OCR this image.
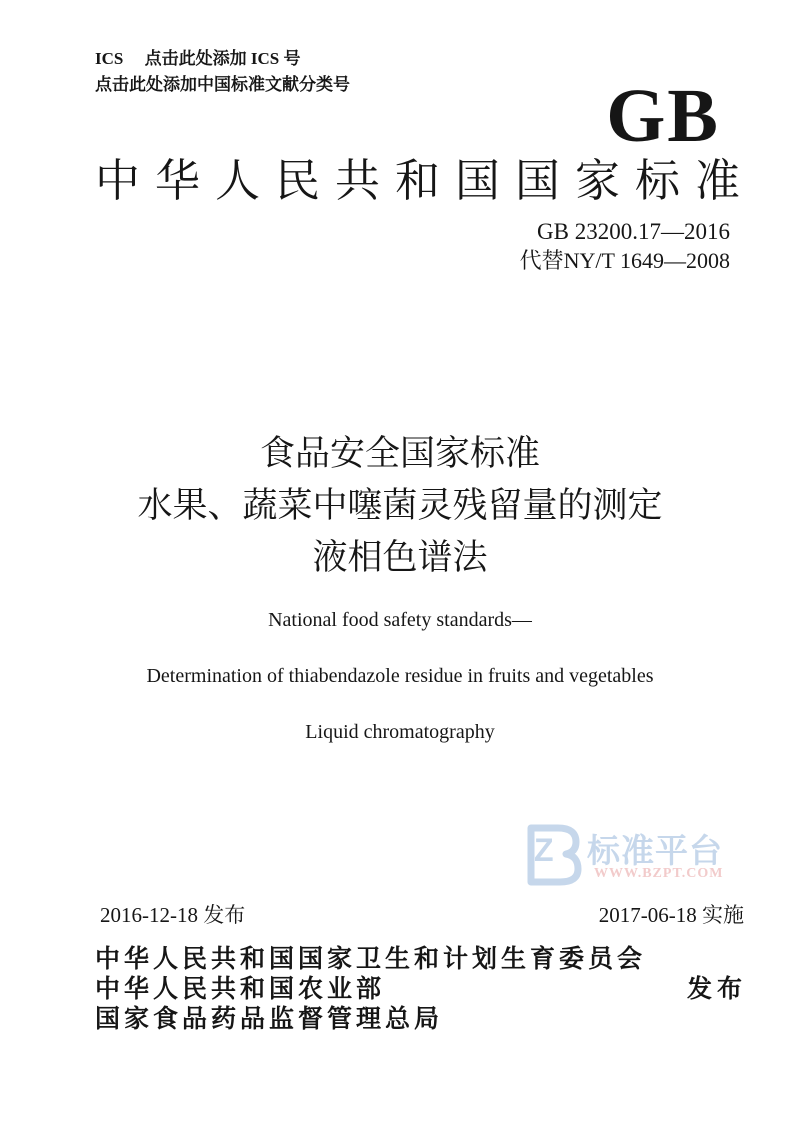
ICS　 点击此处添加 ICS 号
点击此处添加中国标准文献分类号	GB
中华人民共和国国家标准
GB 23200.17—2016
代替NY/T 1649—2008
食品安全国家标准
水果、蔬菜中噻菌灵残留量的测定
液相色谱法
National food safety standards—
Determination of thiabendazole residue in fruits and vegetables
Liquid chromatography
Z 标准平台
WWW.BZPT.COM
2016-12-18 发布	2017-06-18 实施
中华人民共和国国家卫生和计划生育委员会
中华人民共和国农业部	发布
国家食品药品监督管理总局
